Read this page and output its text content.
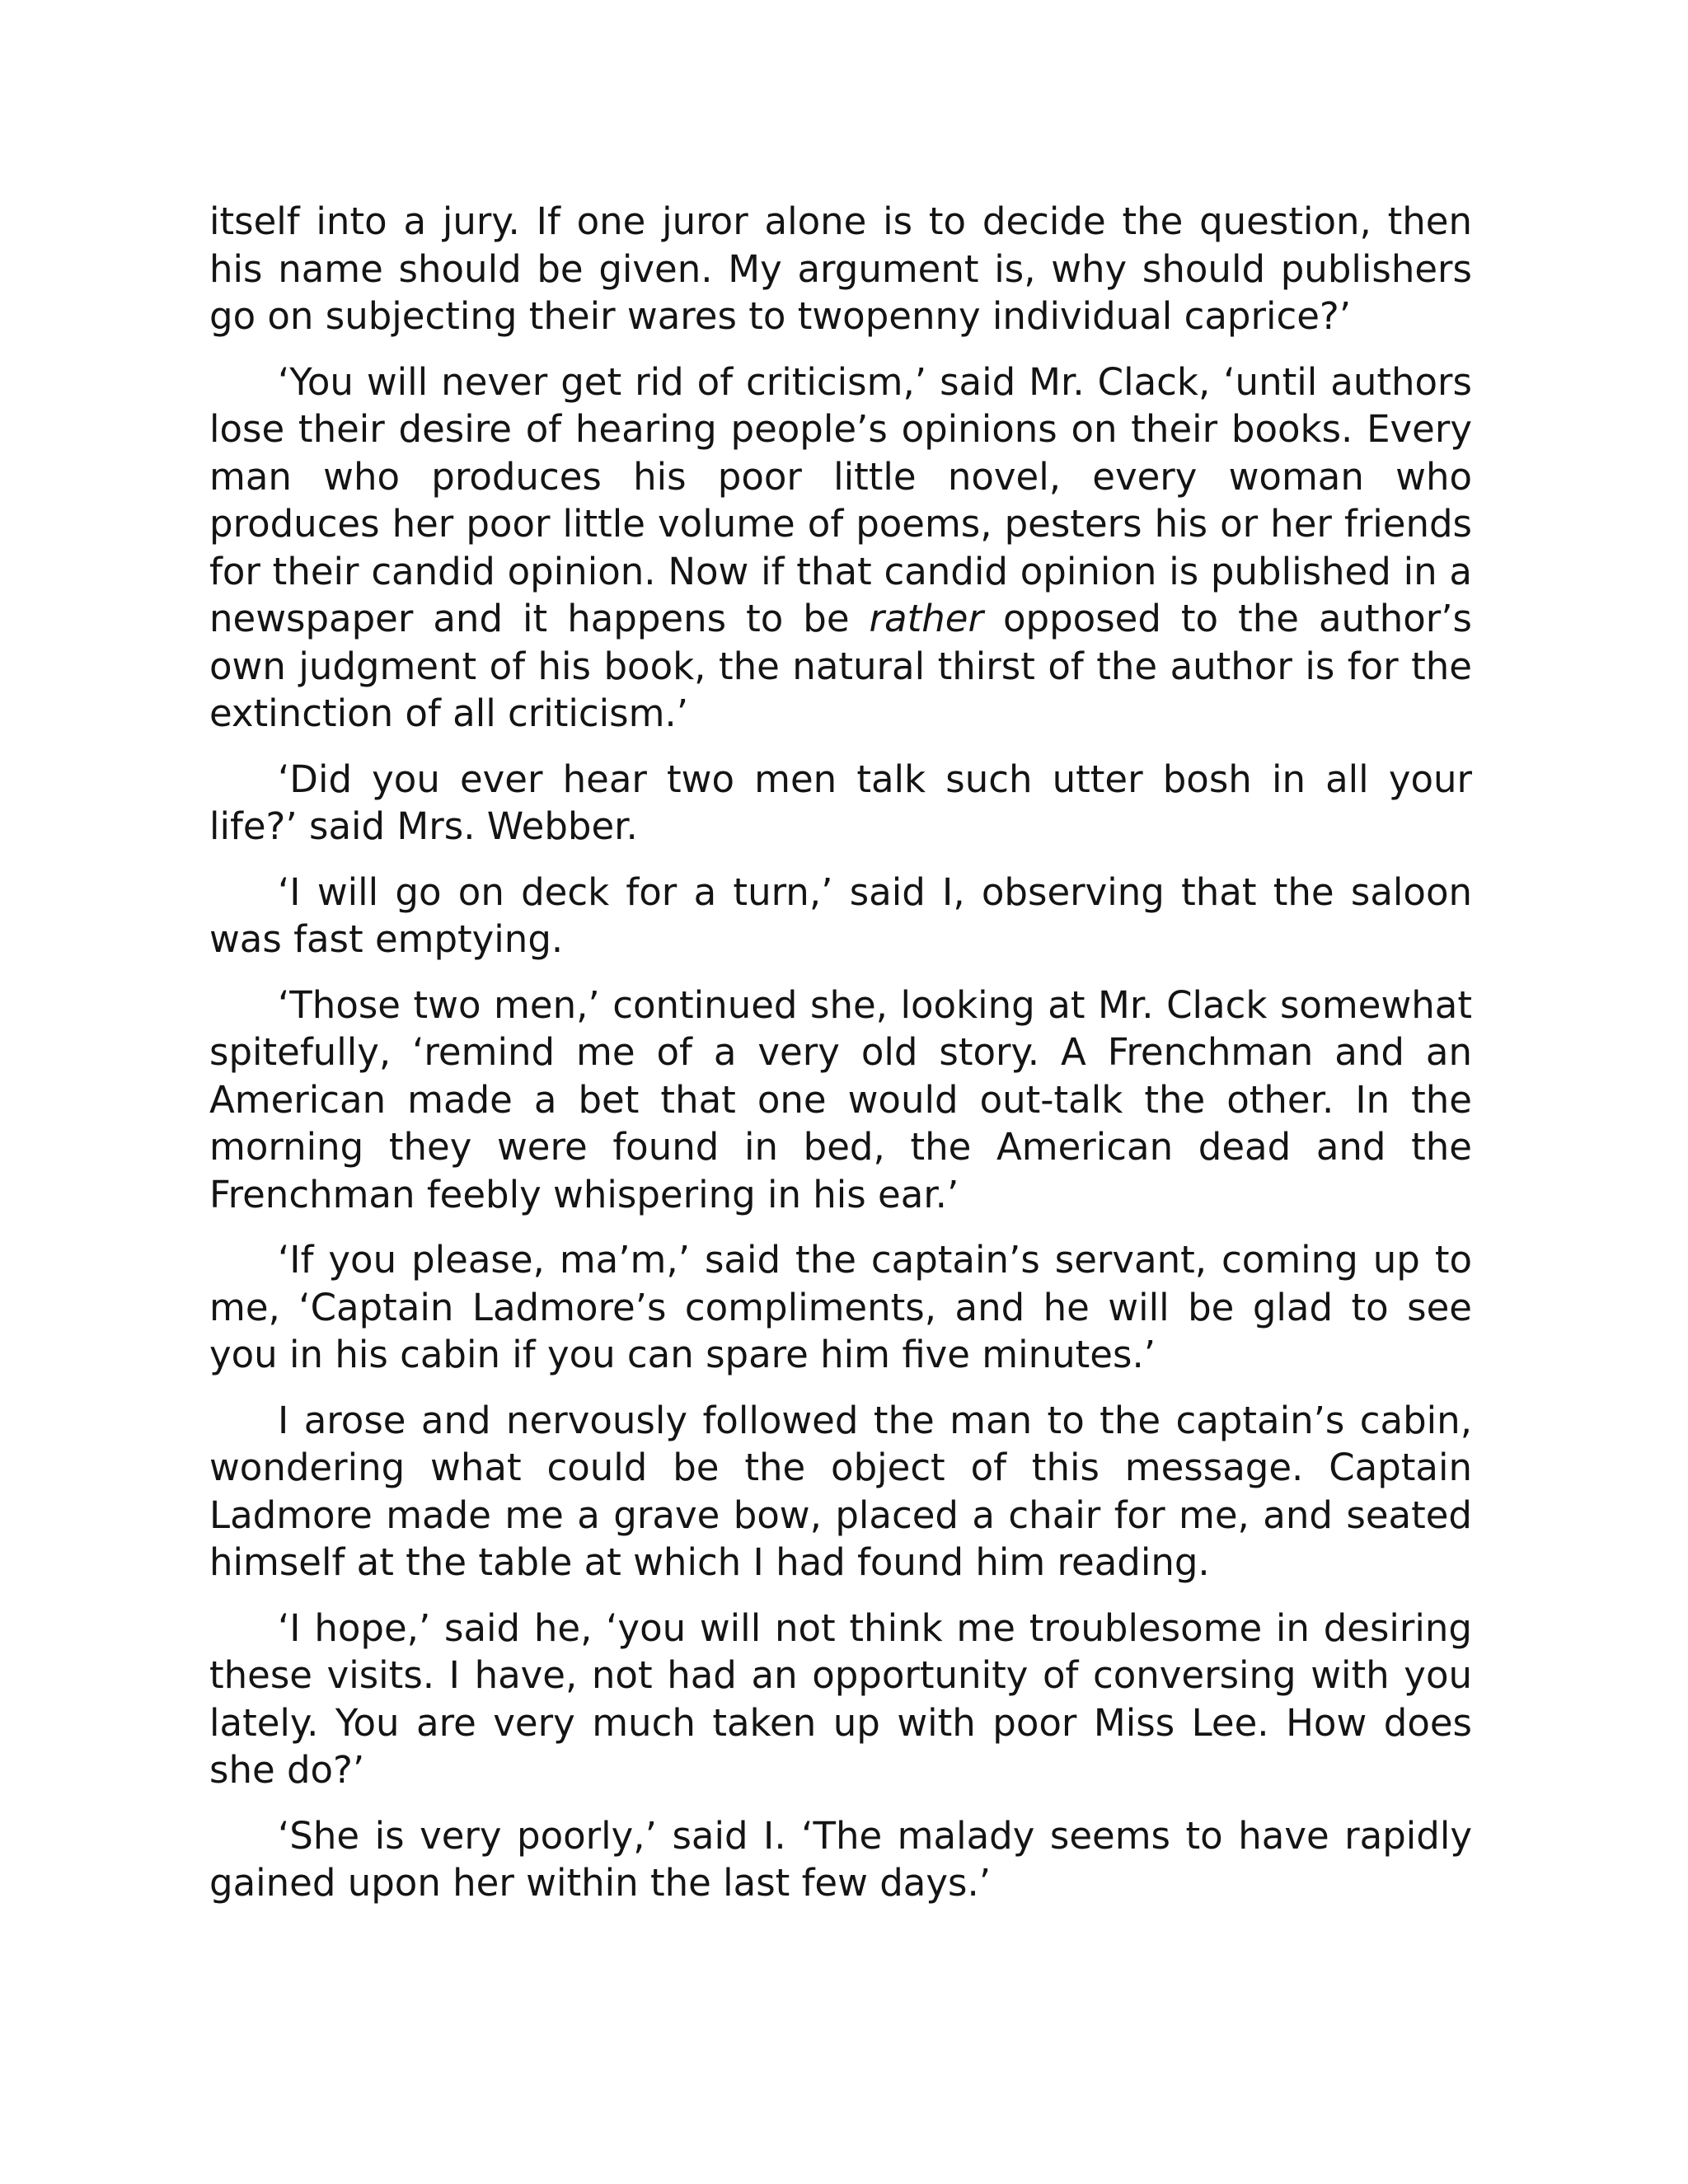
itself into a jury. If one juror alone is to decide the question, then his name should be given. My argument is, why should publishers go on subjecting their wares to twopenny individual caprice?’

‘You will never get rid of criticism,’ said Mr. Clack, ‘until authors lose their desire of hearing people’s opinions on their books. Every man who produces his poor little novel, every woman who produces her poor little volume of poems, pesters his or her friends for their candid opinion. Now if that candid opinion is published in a newspaper and it happens to be rather opposed to the author’s own judgment of his book, the natural thirst of the author is for the extinction of all criticism.’

‘Did you ever hear two men talk such utter bosh in all your life?’ said Mrs. Webber.

‘I will go on deck for a turn,’ said I, observing that the saloon was fast emptying.

‘Those two men,’ continued she, looking at Mr. Clack somewhat spitefully, ‘remind me of a very old story. A Frenchman and an American made a bet that one would out-talk the other. In the morning they were found in bed, the American dead and the Frenchman feebly whispering in his ear.’

‘If you please, ma’m,’ said the captain’s servant, coming up to me, ‘Captain Ladmore’s compliments, and he will be glad to see you in his cabin if you can spare him five minutes.’

I arose and nervously followed the man to the captain’s cabin, wondering what could be the object of this message. Captain Ladmore made me a grave bow, placed a chair for me, and seated himself at the table at which I had found him reading.

‘I hope,’ said he, ‘you will not think me troublesome in desiring these visits. I have, not had an opportunity of conversing with you lately. You are very much taken up with poor Miss Lee. How does she do?’

‘She is very poorly,’ said I. ‘The malady seems to have rapidly gained upon her within the last few days.’
